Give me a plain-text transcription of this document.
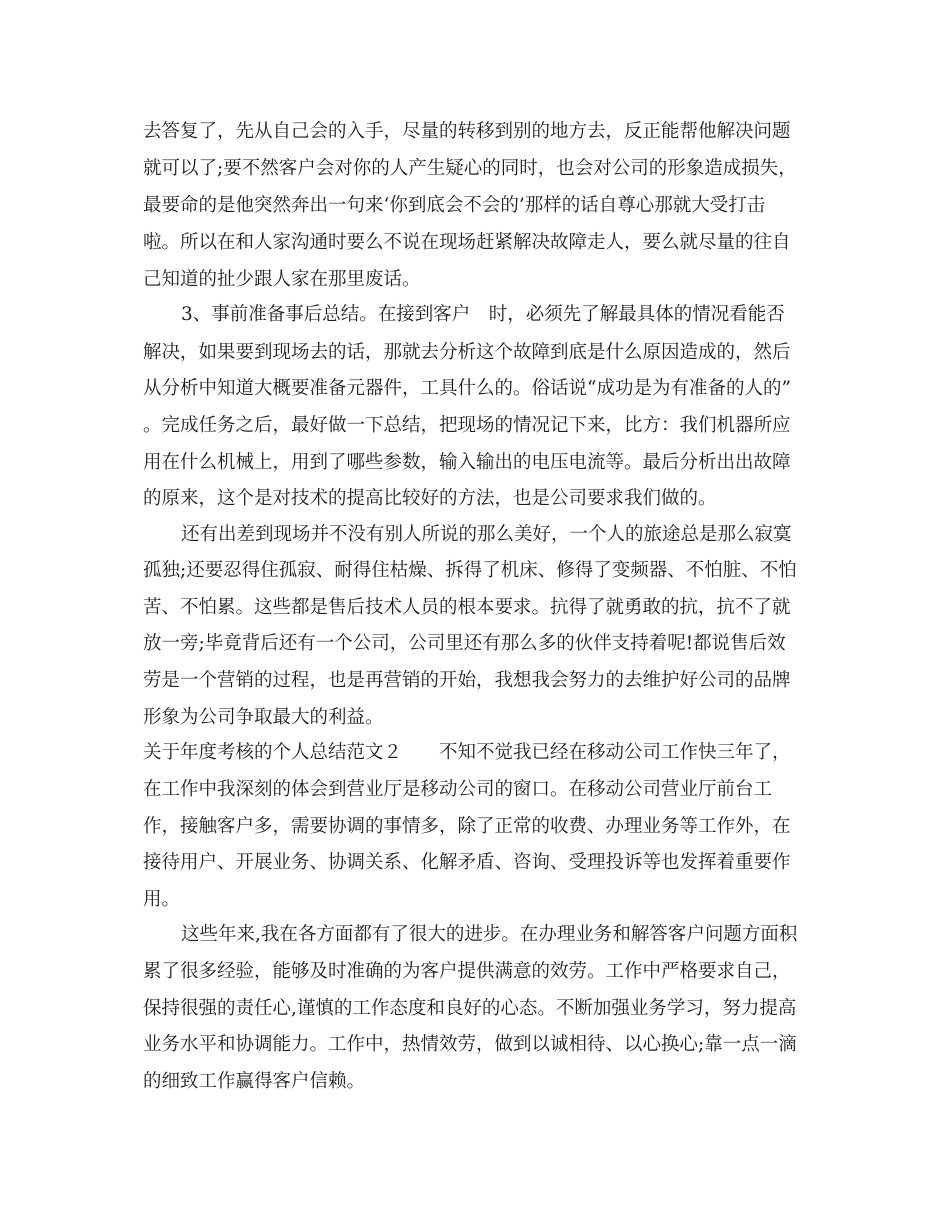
去答复了，先从自己会的入手，尽量的转移到别的地方去，反正能帮他解决问题
就可以了;要不然客户会对你的人产生疑心的同时，也会对公司的形象造成损失，
最要命的是他突然奔出一句来‘你到底会不会的’那样的话自尊心那就大受打击
啦。所以在和人家沟通时要么不说在现场赶紧解决故障走人，要么就尽量的往自
己知道的扯少跟人家在那里废话。
3、事前准备事后总结。在接到客户　时，必须先了解最具体的情况看能否
解决，如果要到现场去的话，那就去分析这个故障到底是什么原因造成的，然后
从分析中知道大概要准备元器件，工具什么的。俗话说“成功是为有准备的人的”
。完成任务之后，最好做一下总结，把现场的情况记下来，比方：我们机器所应
用在什么机械上，用到了哪些参数，输入输出的电压电流等。最后分析出出故障
的原来，这个是对技术的提高比较好的方法，也是公司要求我们做的。
还有出差到现场并不没有别人所说的那么美好，一个人的旅途总是那么寂寞
孤独;还要忍得住孤寂、耐得住枯燥、拆得了机床、修得了变频器、不怕脏、不怕
苦、不怕累。这些都是售后技术人员的根本要求。抗得了就勇敢的抗，抗不了就
放一旁;毕竟背后还有一个公司，公司里还有那么多的伙伴支持着呢!都说售后效
劳是一个营销的过程，也是再营销的开始，我想我会努力的去维护好公司的品牌
形象为公司争取最大的利益。
关于年度考核的个人总结范文２　　不知不觉我已经在移动公司工作快三年了，
在工作中我深刻的体会到营业厅是移动公司的窗口。在移动公司营业厅前台工
作，接触客户多，需要协调的事情多，除了正常的收费、办理业务等工作外，在
接待用户、开展业务、协调关系、化解矛盾、咨询、受理投诉等也发挥着重要作
用。
这些年来,我在各方面都有了很大的进步。在办理业务和解答客户问题方面积
累了很多经验，能够及时准确的为客户提供满意的效劳。工作中严格要求自己，
保持很强的责任心,谨慎的工作态度和良好的心态。不断加强业务学习，努力提高
业务水平和协调能力。工作中，热情效劳，做到以诚相待、以心换心;靠一点一滴
的细致工作赢得客户信赖。
